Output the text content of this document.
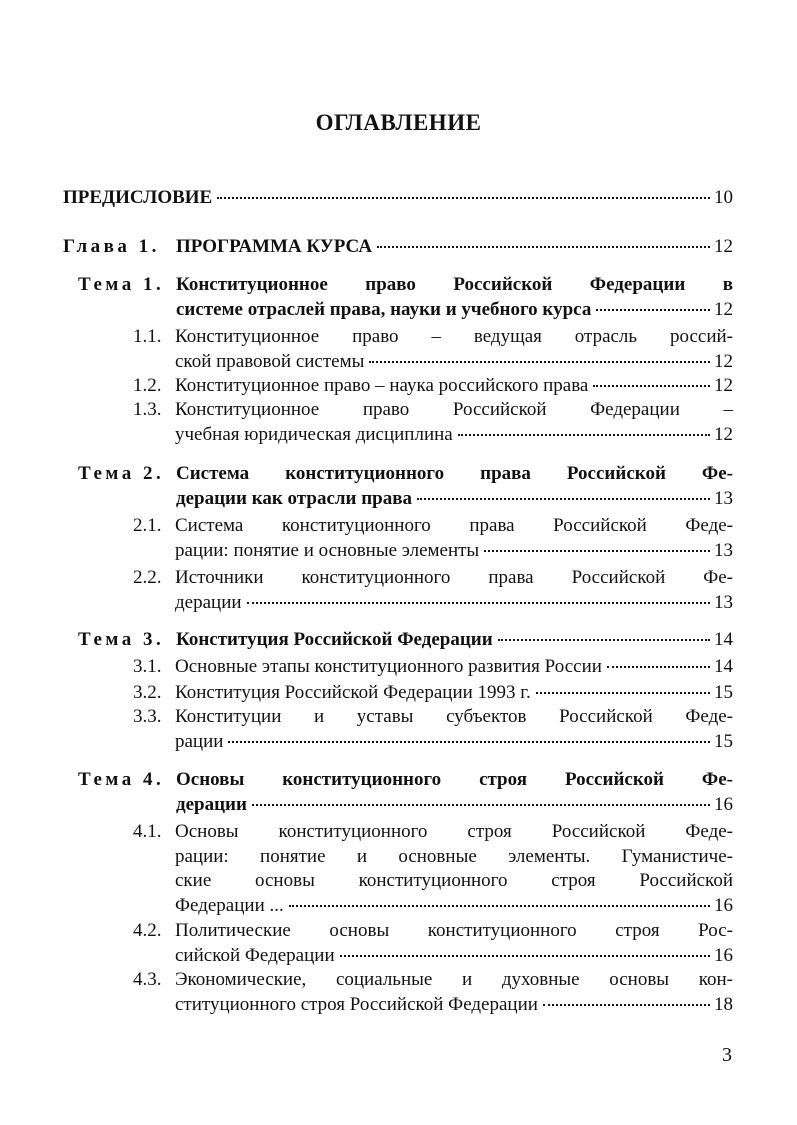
ОГЛАВЛЕНИЕ
ПРЕДИСЛОВИЕ	10
Глава 1. ПРОГРАММА КУРСА	12
Тема 1. Конституционное право Российской Федерации в
системе отраслей права, науки и учебного курса	12
1.1. Конституционное право – ведущая отрасль россий-
ской правовой системы	12
1.2. Конституционное право – наука российского права	12
1.3. Конституционное право Российской Федерации –
учебная юридическая дисциплина	12
Тема 2. Система конституционного права Российской Фе-
дерации как отрасли права	13
2.1. Система конституционного права Российской Феде-
рации: понятие и основные элементы	13
2.2. Источники конституционного права Российской Фе-
дерации	13
Тема 3. Конституция Российской Федерации	14
3.1. Основные этапы конституционного развития России	14
3.2. Конституция Российской Федерации 1993 г.	15
3.3. Конституции и уставы субъектов Российской Феде-
рации	15
Тема 4. Основы конституционного строя Российской Фе-
дерации	16
4.1. Основы конституционного строя Российской Феде-
рации: понятие и основные элементы. Гуманистиче-
ские основы конституционного строя Российской
Федерации ...	16
4.2. Политические основы конституционного строя Рос-
сийской Федерации	16
4.3. Экономические, социальные и духовные основы кон-
ституционного строя Российской Федерации	18
3
